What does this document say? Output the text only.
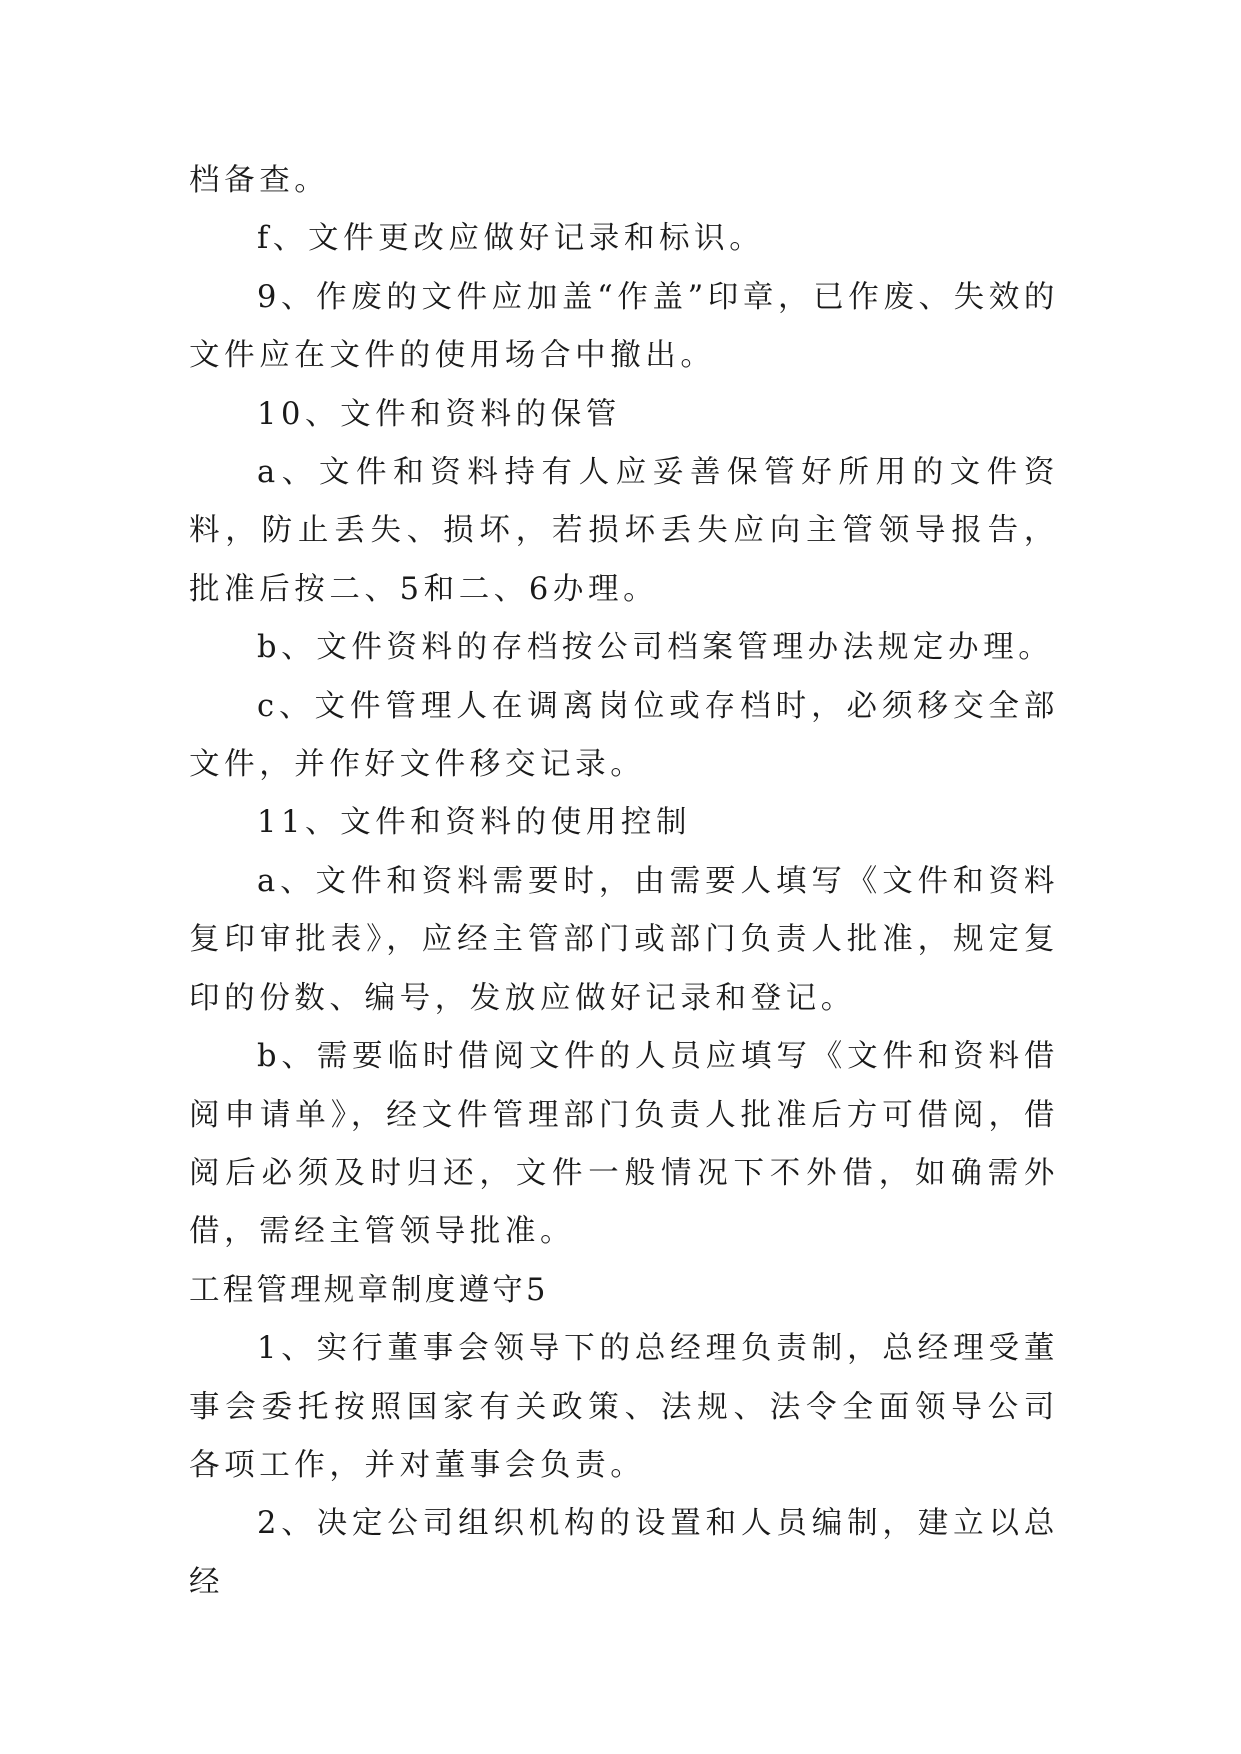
档备查。

f、文件更改应做好记录和标识。

9、作废的文件应加盖“作盖”印章，已作废、失效的文件应在文件的使用场合中撤出。

10、文件和资料的保管

a、文件和资料持有人应妥善保管好所用的文件资料，防止丢失、损坏，若损坏丢失应向主管领导报告，批准后按二、5和二、6办理。

b、文件资料的存档按公司档案管理办法规定办理。

c、文件管理人在调离岗位或存档时，必须移交全部文件，并作好文件移交记录。

11、文件和资料的使用控制

a、文件和资料需要时，由需要人填写《文件和资料复印审批表》，应经主管部门或部门负责人批准，规定复印的份数、编号，发放应做好记录和登记。

b、需要临时借阅文件的人员应填写《文件和资料借阅申请单》，经文件管理部门负责人批准后方可借阅，借阅后必须及时归还，文件一般情况下不外借，如确需外借，需经主管领导批准。

工程管理规章制度遵守5

1、实行董事会领导下的总经理负责制，总经理受董事会委托按照国家有关政策、法规、法令全面领导公司各项工作，并对董事会负责。

2、决定公司组织机构的设置和人员编制，建立以总经
